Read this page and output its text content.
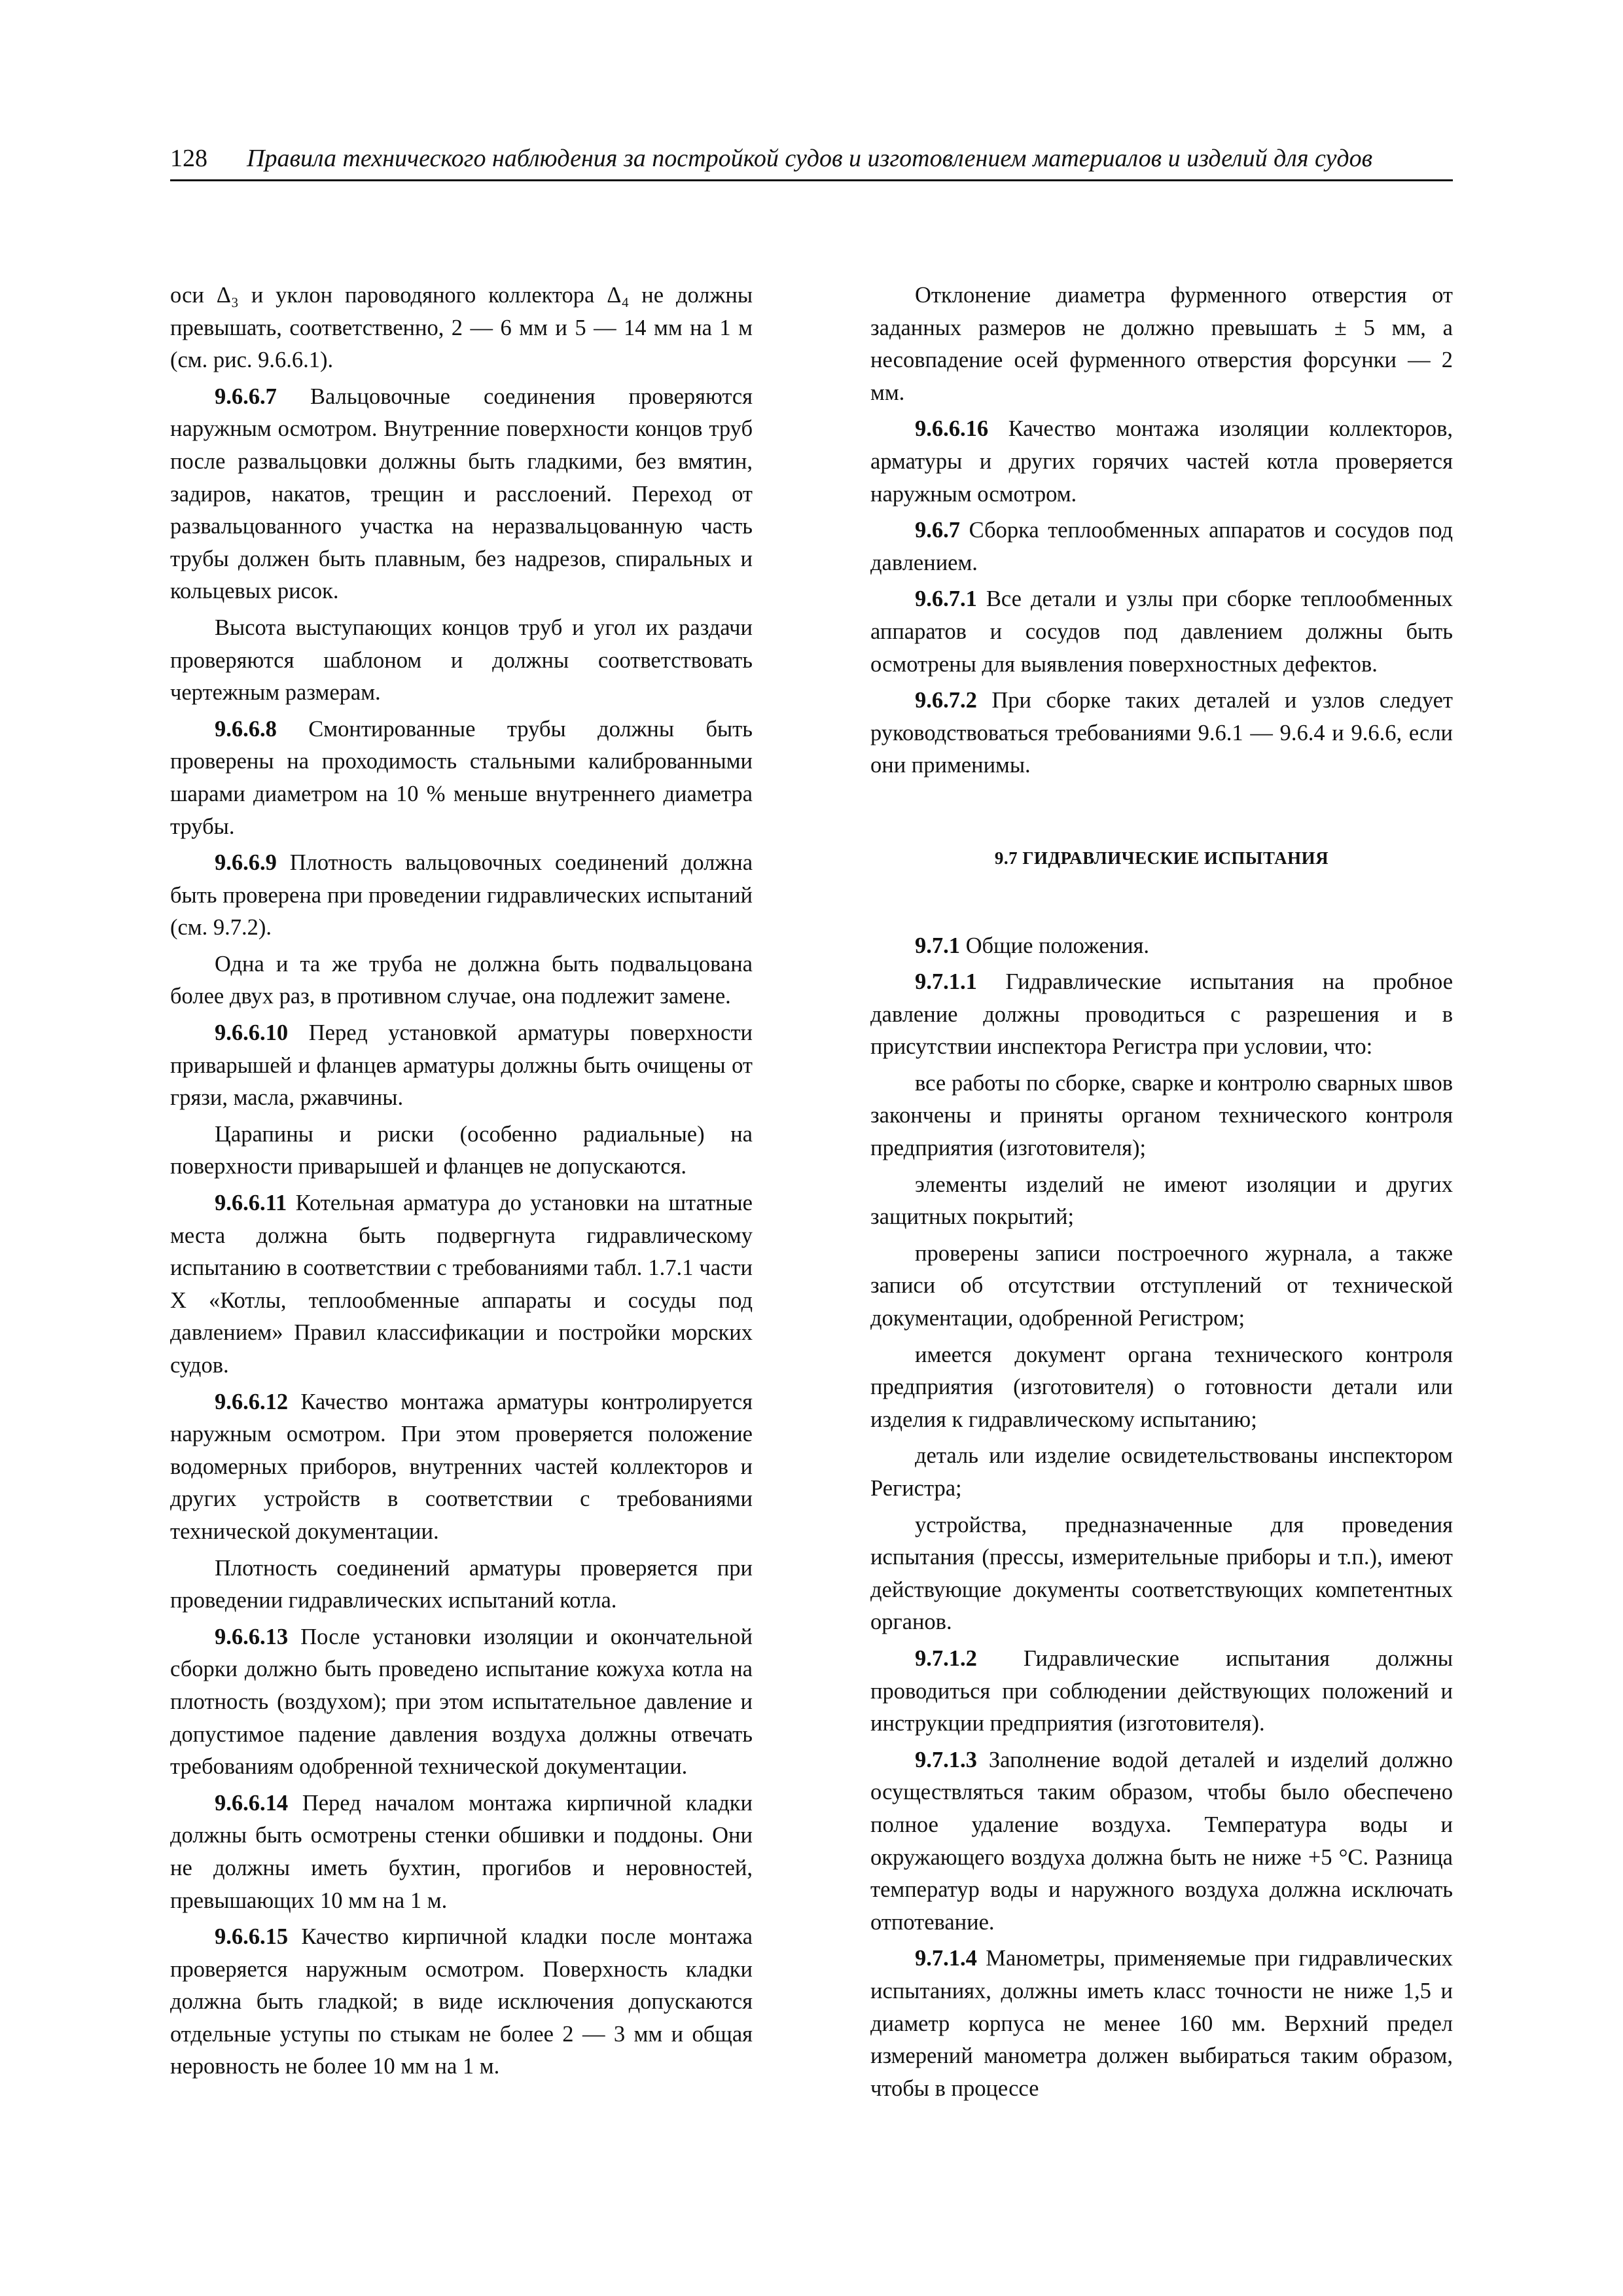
128 Правила технического наблюдения за постройкой судов и изготовлением материалов и изделий для судов

оси Δ₃ и уклон пароводяного коллектора Δ₄ не должны превышать, соответственно, 2 — 6 мм и 5 — 14 мм на 1 м (см. рис. 9.6.6.1).

9.6.6.7 Вальцовочные соединения проверяются наружным осмотром. Внутренние поверхности концов труб после развальцовки должны быть гладкими, без вмятин, задиров, накатов, трещин и расслоений. Переход от развальцованного участка на неразвальцованную часть трубы должен быть плавным, без надрезов, спиральных и кольцевых рисок.

Высота выступающих концов труб и угол их раздачи проверяются шаблоном и должны соответствовать чертежным размерам.

9.6.6.8 Смонтированные трубы должны быть проверены на проходимость стальными калиброванными шарами диаметром на 10 % меньше внутреннего диаметра трубы.

9.6.6.9 Плотность вальцовочных соединений должна быть проверена при проведении гидравлических испытаний (см. 9.7.2).

Одна и та же труба не должна быть подвальцована более двух раз, в противном случае, она подлежит замене.

9.6.6.10 Перед установкой арматуры поверхности приварышей и фланцев арматуры должны быть очищены от грязи, масла, ржавчины.

Царапины и риски (особенно радиальные) на поверхности приварышей и фланцев не допускаются.

9.6.6.11 Котельная арматура до установки на штатные места должна быть подвергнута гидравлическому испытанию в соответствии с требованиями табл. 1.7.1 части X «Котлы, теплообменные аппараты и сосуды под давлением» Правил классификации и постройки морских судов.

9.6.6.12 Качество монтажа арматуры контролируется наружным осмотром. При этом проверяется положение водомерных приборов, внутренних частей коллекторов и других устройств в соответствии с требованиями технической документации.

Плотность соединений арматуры проверяется при проведении гидравлических испытаний котла.

9.6.6.13 После установки изоляции и окончательной сборки должно быть проведено испытание кожуха котла на плотность (воздухом); при этом испытательное давление и допустимое падение давления воздуха должны отвечать требованиям одобренной технической документации.

9.6.6.14 Перед началом монтажа кирпичной кладки должны быть осмотрены стенки обшивки и поддоны. Они не должны иметь бухтин, прогибов и неровностей, превышающих 10 мм на 1 м.

9.6.6.15 Качество кирпичной кладки после монтажа проверяется наружным осмотром. Поверхность кладки должна быть гладкой; в виде исключения допускаются отдельные уступы по стыкам не более 2 — 3 мм и общая неровность не более 10 мм на 1 м.

Отклонение диаметра фурменного отверстия от заданных размеров не должно превышать ± 5 мм, а несовпадение осей фурменного отверстия форсунки — 2 мм.

9.6.6.16 Качество монтажа изоляции коллекторов, арматуры и других горячих частей котла проверяется наружным осмотром.

9.6.7 Сборка теплообменных аппаратов и сосудов под давлением.

9.6.7.1 Все детали и узлы при сборке теплообменных аппаратов и сосудов под давлением должны быть осмотрены для выявления поверхностных дефектов.

9.6.7.2 При сборке таких деталей и узлов следует руководствоваться требованиями 9.6.1 — 9.6.4 и 9.6.6, если они применимы.

9.7 ГИДРАВЛИЧЕСКИЕ ИСПЫТАНИЯ

9.7.1 Общие положения.

9.7.1.1 Гидравлические испытания на пробное давление должны проводиться с разрешения и в присутствии инспектора Регистра при условии, что:

все работы по сборке, сварке и контролю сварных швов закончены и приняты органом технического контроля предприятия (изготовителя);

элементы изделий не имеют изоляции и других защитных покрытий;

проверены записи построечного журнала, а также записи об отсутствии отступлений от технической документации, одобренной Регистром;

имеется документ органа технического контроля предприятия (изготовителя) о готовности детали или изделия к гидравлическому испытанию;

деталь или изделие освидетельствованы инспектором Регистра;

устройства, предназначенные для проведения испытания (прессы, измерительные приборы и т.п.), имеют действующие документы соответствующих компетентных органов.

9.7.1.2 Гидравлические испытания должны проводиться при соблюдении действующих положений и инструкции предприятия (изготовителя).

9.7.1.3 Заполнение водой деталей и изделий должно осуществляться таким образом, чтобы было обеспечено полное удаление воздуха. Температура воды и окружающего воздуха должна быть не ниже +5 °С. Разница температур воды и наружного воздуха должна исключать отпотевание.

9.7.1.4 Манометры, применяемые при гидравлических испытаниях, должны иметь класс точности не ниже 1,5 и диаметр корпуса не менее 160 мм. Верхний предел измерений манометра должен выбираться таким образом, чтобы в процессе
